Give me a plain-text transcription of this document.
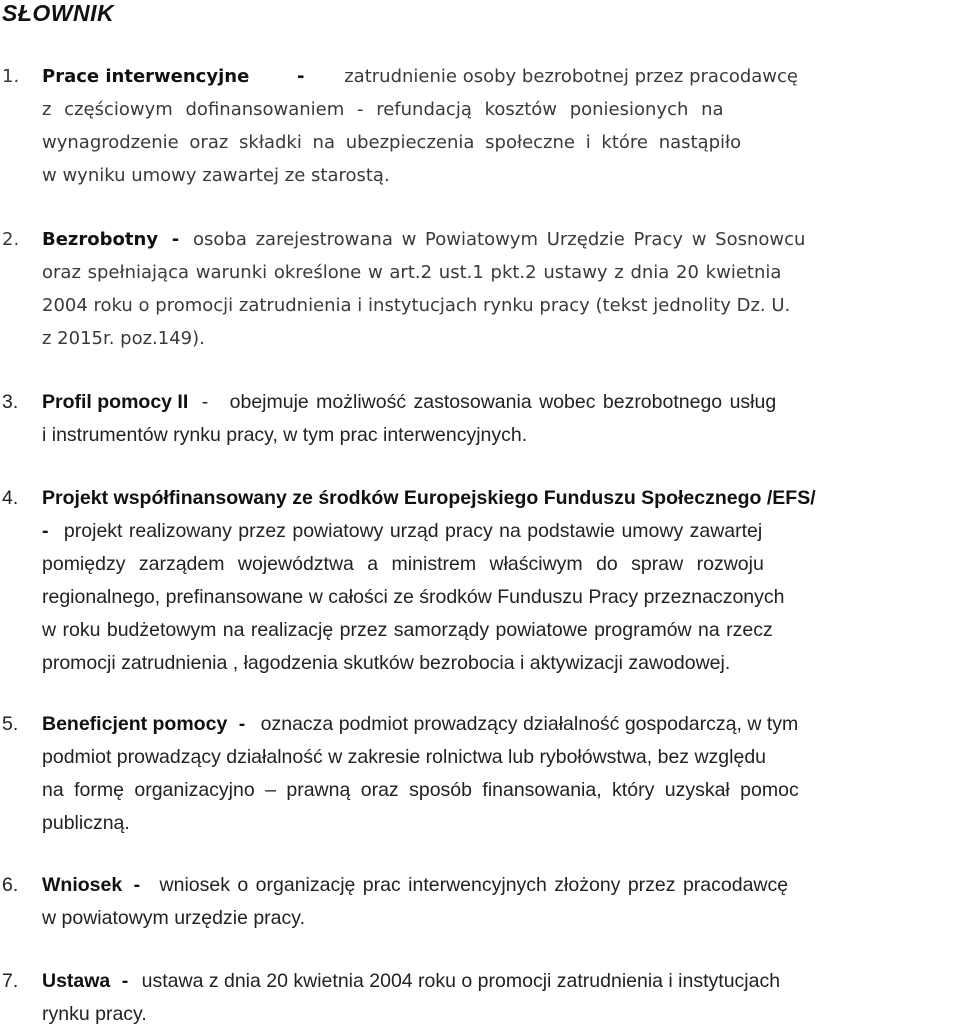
SŁOWNIK
1.	Prace interwencyjne	- zatrudnienie osoby bezrobotnej przez pracodawcę
z częściowym dofinansowaniem - refundacją kosztów poniesionych na
wynagrodzenie oraz składki na ubezpieczenia społeczne i które nastąpiło
w wyniku umowy zawartej ze starostą.
2.	Bezrobotny - osoba zarejestrowana w Powiatowym Urzędzie Pracy w Sosnowcu
oraz spełniająca warunki określone w art.2 ust.1 pkt.2 ustawy z dnia 20 kwietnia
2004 roku o promocji zatrudnienia i instytucjach rynku pracy (tekst jednolity Dz. U.
z 2015r. poz.149).
3.	Profil pomocy II - obejmuje możliwość zastosowania wobec bezrobotnego usług
i instrumentów rynku pracy, w tym prac interwencyjnych.
4.	Projekt współfinansowany ze środków Europejskiego Funduszu Społecznego /EFS/
- projekt realizowany przez powiatowy urząd pracy na podstawie umowy zawartej
pomiędzy zarządem województwa a ministrem właściwym do spraw rozwoju
regionalnego, prefinansowane w całości ze środków Funduszu Pracy przeznaczonych
w roku budżetowym na realizację przez samorządy powiatowe programów na rzecz
promocji zatrudnienia , łagodzenia skutków bezrobocia i aktywizacji zawodowej.
5.	Beneficjent pomocy - oznacza podmiot prowadzący działalność gospodarczą, w tym
podmiot prowadzący działalność w zakresie rolnictwa lub rybołówstwa, bez względu
na formę organizacyjno – prawną oraz sposób finansowania, który uzyskał pomoc
publiczną.
6.	Wniosek - wniosek o organizację prac interwencyjnych złożony przez pracodawcę
w powiatowym urzędzie pracy.
7.	Ustawa - ustawa z dnia 20 kwietnia 2004 roku o promocji zatrudnienia i instytucjach
rynku pracy.
